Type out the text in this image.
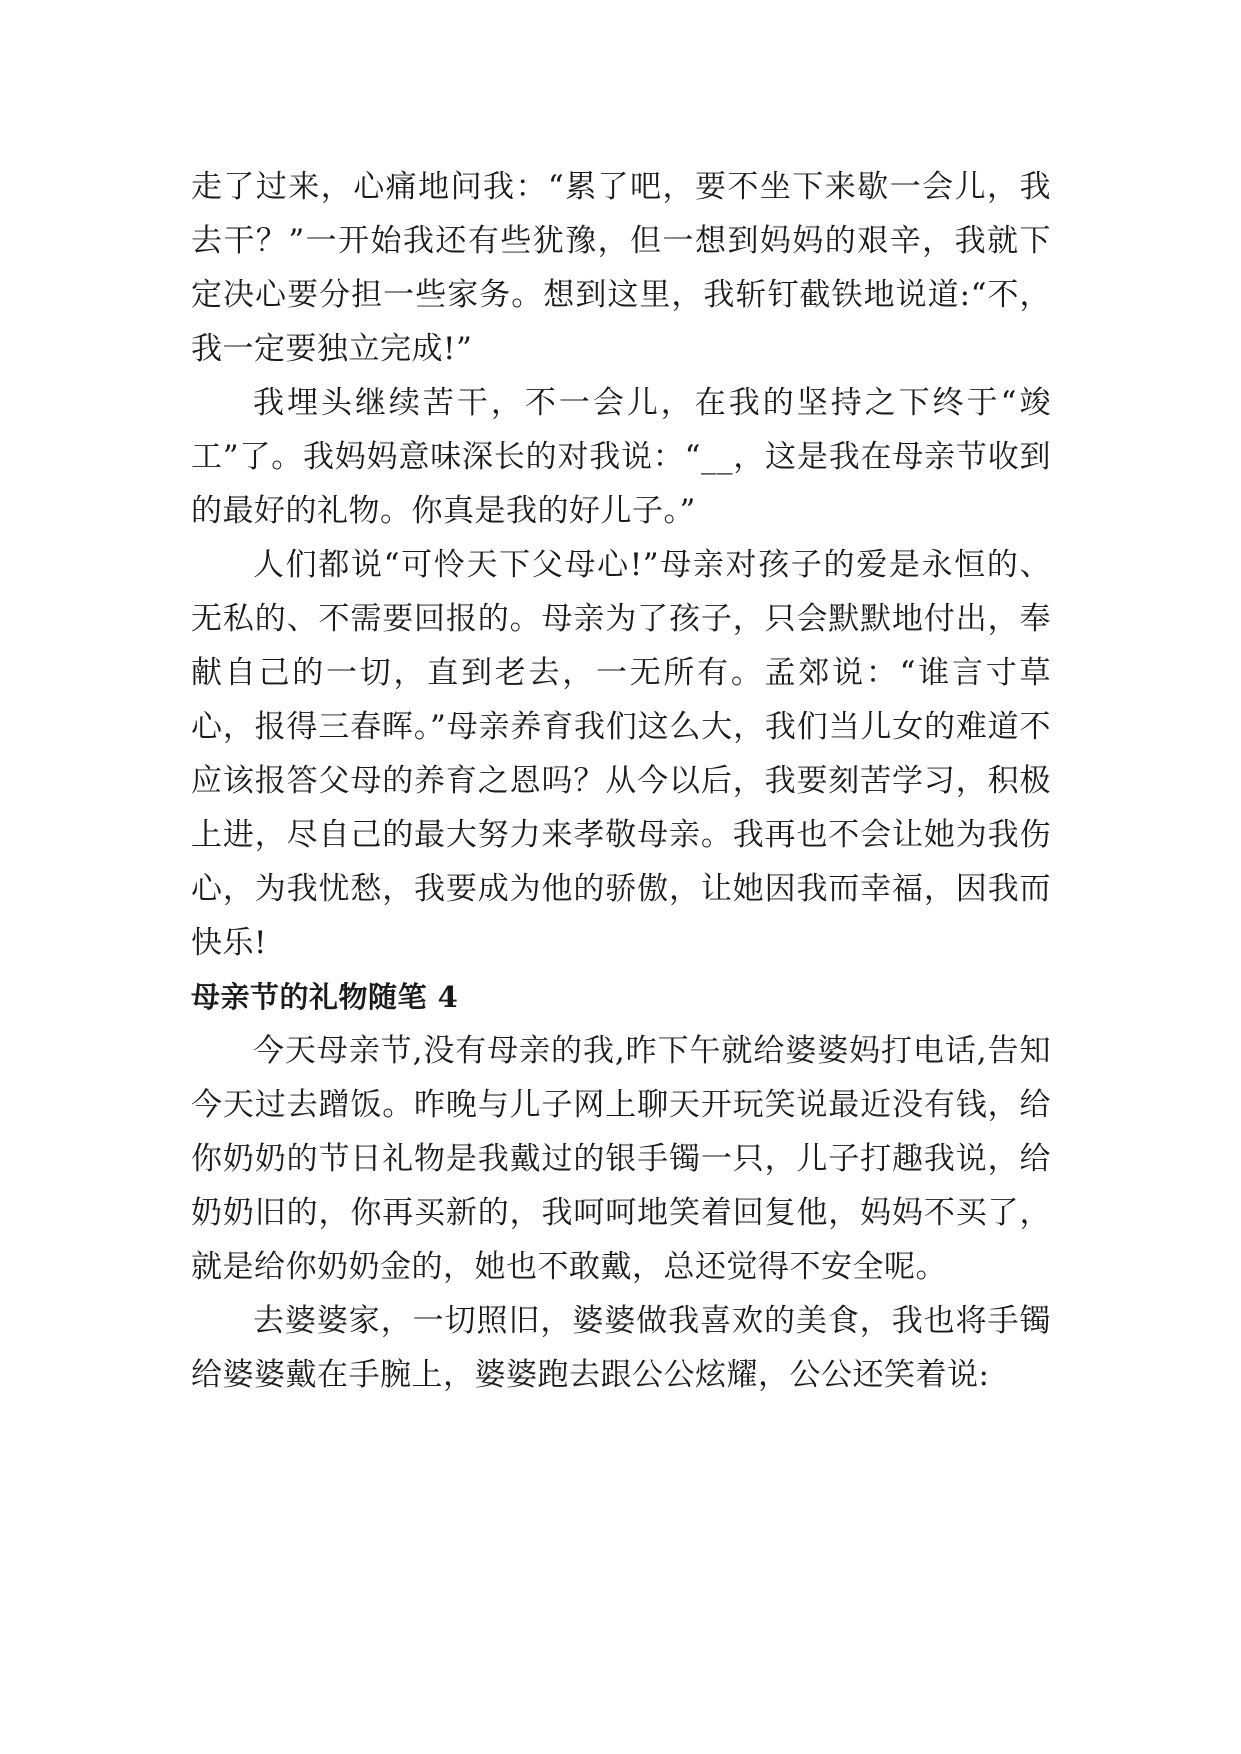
走了过来，心痛地问我：“累了吧，要不坐下来歇一会儿，我去干？”一开始我还有些犹豫，但一想到妈妈的艰辛，我就下定决心要分担一些家务。想到这里，我斩钉截铁地说道:“不，我一定要独立完成!”

我埋头继续苦干，不一会儿，在我的坚持之下终于“竣工”了。我妈妈意味深长的对我说：“__，这是我在母亲节收到的最好的礼物。你真是我的好儿子。”

人们都说“可怜天下父母心!”母亲对孩子的爱是永恒的、无私的、不需要回报的。母亲为了孩子，只会默默地付出，奉献自己的一切，直到老去，一无所有。孟郊说：“谁言寸草心，报得三春晖。”母亲养育我们这么大，我们当儿女的难道不应该报答父母的养育之恩吗？从今以后，我要刻苦学习，积极上进，尽自己的最大努力来孝敬母亲。我再也不会让她为我伤心，为我忧愁，我要成为他的骄傲，让她因我而幸福，因我而快乐!

母亲节的礼物随笔 4

今天母亲节,没有母亲的我,昨下午就给婆婆妈打电话,告知今天过去蹭饭。昨晚与儿子网上聊天开玩笑说最近没有钱，给你奶奶的节日礼物是我戴过的银手镯一只，儿子打趣我说，给奶奶旧的，你再买新的，我呵呵地笑着回复他，妈妈不买了，就是给你奶奶金的，她也不敢戴，总还觉得不安全呢。

去婆婆家，一切照旧，婆婆做我喜欢的美食，我也将手镯给婆婆戴在手腕上，婆婆跑去跟公公炫耀，公公还笑着说:
